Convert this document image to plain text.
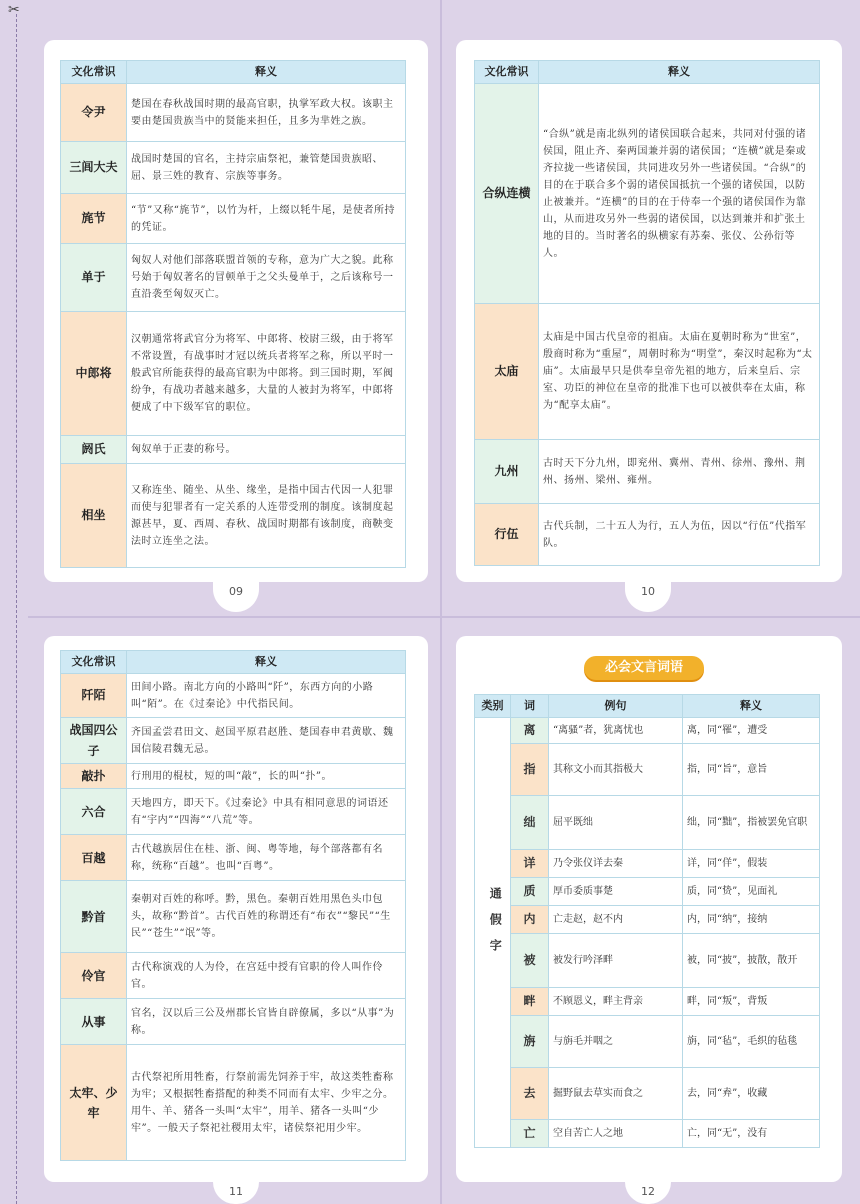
✂
09
文化常识	释义
令尹	楚国在春秋战国时期的最高官职，执掌军政大权。该职主要由楚国贵族当中的贤能来担任，且多为芈姓之族。
三闾大夫	战国时楚国的官名，主持宗庙祭祀，兼管楚国贵族昭、屈、景三姓的教育、宗族等事务。
旄节	“节”又称“旄节”，以竹为杆，上缀以牦牛尾，是使者所持的凭证。
单于	匈奴人对他们部落联盟首领的专称，意为广大之貌。此称号始于匈奴著名的冒顿单于之父头曼单于，之后该称号一直沿袭至匈奴灭亡。
中郎将	汉朝通常将武官分为将军、中郎将、校尉三级，由于将军不常设置，有战事时才冠以统兵者将军之称，所以平时一般武官所能获得的最高官职为中郎将。到三国时期，军阀纷争，有战功者越来越多，大量的人被封为将军，中郎将便成了中下级军官的职位。
阏氏	匈奴单于正妻的称号。
相坐	又称连坐、随坐、从坐、缘坐，是指中国古代因一人犯罪而使与犯罪者有一定关系的人连带受刑的制度。该制度起源甚早，夏、西周、春秋、战国时期都有该制度，商鞅变法时立连坐之法。
10
文化常识	释义
合纵连横	“合纵”就是南北纵列的诸侯国联合起来，共同对付强的诸侯国，阻止齐、秦两国兼并弱的诸侯国；“连横”就是秦或齐拉拢一些诸侯国，共同进攻另外一些诸侯国。“合纵”的目的在于联合多个弱的诸侯国抵抗一个强的诸侯国，以防止被兼并。“连横”的目的在于侍奉一个强的诸侯国作为靠山，从而进攻另外一些弱的诸侯国，以达到兼并和扩张土地的目的。当时著名的纵横家有苏秦、张仪、公孙衍等人。
太庙	太庙是中国古代皇帝的祖庙。太庙在夏朝时称为“世室”，殷商时称为“重屋”，周朝时称为“明堂”，秦汉时起称为“太庙”。太庙最早只是供奉皇帝先祖的地方，后来皇后、宗室、功臣的神位在皇帝的批准下也可以被供奉在太庙，称为“配享太庙”。
九州	古时天下分九州，即兖州、冀州、青州、徐州、豫州、荆州、扬州、梁州、雍州。
行伍	古代兵制，二十五人为行，五人为伍，因以“行伍”代指军队。
11
文化常识	释义
阡陌	田间小路。南北方向的小路叫“阡”，东西方向的小路叫“陌”。在《过秦论》中代指民间。
战国四公子	齐国孟尝君田文、赵国平原君赵胜、楚国春申君黄歇、魏国信陵君魏无忌。
敲扑	行刑用的棍杖，短的叫“敲”，长的叫“扑”。
六合	天地四方，即天下。《过秦论》中具有相同意思的词语还有“宇内”“四海”“八荒”等。
百越	古代越族居住在桂、浙、闽、粤等地，每个部落都有名称，统称“百越”。也叫“百粤”。
黔首	秦朝对百姓的称呼。黔，黑色。秦朝百姓用黑色头巾包头，故称“黔首”。古代百姓的称谓还有“布衣”“黎民”“生民”“苍生”“氓”等。
伶官	古代称演戏的人为伶，在宫廷中授有官职的伶人叫作伶官。
从事	官名，汉以后三公及州郡长官皆自辟僚属，多以“从事”为称。
太牢、少牢	古代祭祀所用牲畜，行祭前需先饲养于牢，故这类牲畜称为牢；又根据牲畜搭配的种类不同而有太牢、少牢之分。用牛、羊、猪各一头叫“太牢”，用羊、猪各一头叫“少牢”。一般天子祭祀社稷用太牢，诸侯祭祀用少牢。
12
必会文言词语
类别	词	例句	释义
通假字	离	“离骚”者，犹离忧也	离，同“罹”，遭受
	指	其称文小而其指极大	指，同“旨”，意旨
	绌	屈平既绌	绌，同“黜”，指被罢免官职
	详	乃令张仪详去秦	详，同“佯”，假装
	质	厚币委质事楚	质，同“贽”，见面礼
	内	亡走赵，赵不内	内，同“纳”，接纳
	被	被发行吟泽畔	被，同“披”，披散，散开
	畔	不顾恩义，畔主背亲	畔，同“叛”，背叛
	旃	与旃毛并咽之	旃，同“毡”，毛织的毡毯
	去	掘野鼠去草实而食之	去，同“弆”，收藏
	亡	空自苦亡人之地	亡，同“无”，没有
